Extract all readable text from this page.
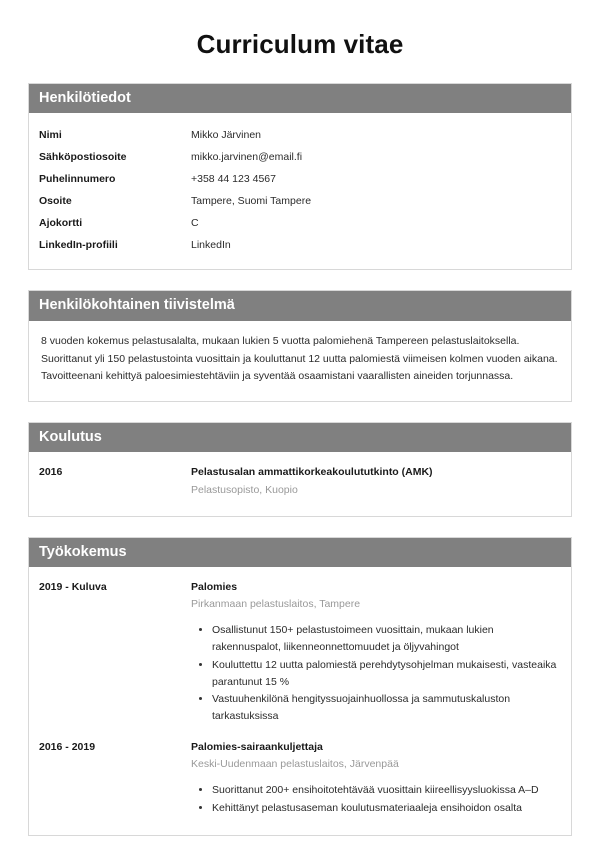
Curriculum vitae
Henkilötiedot
Nimi	Mikko Järvinen
Sähköpostiosoite	mikko.jarvinen@email.fi
Puhelinnumero	+358 44 123 4567
Osoite	Tampere, Suomi Tampere
Ajokortti	C
LinkedIn-profiili	LinkedIn
Henkilökohtainen tiivistelmä

8 vuoden kokemus pelastusalalta, mukaan lukien 5 vuotta palomiehenä Tampereen pelastuslaitoksella. Suorittanut yli 150 pelastustointa vuosittain ja kouluttanut 12 uutta palomiestä viimeisen kolmen vuoden aikana. Tavoitteenani kehittyä paloesimiestehtäviin ja syventää osaamistani vaarallisten aineiden torjunnassa.

Koulutus
2016	Pelastusalan ammattikorkeakoulututkinto (AMK)
Pelastusopisto, Kuopio
Työkokemus
2019 - Kuluva	Palomies
Pirkanmaan pelastuslaitos, Tampere
• Osallistunut 150+ pelastustoimeen vuosittain, mukaan lukien rakennuspalot, liikenneonnettomuudet ja öljyvahingot
• Kouluttettu 12 uutta palomiestä perehdytysohjelman mukaisesti, vasteaika parantunut 15 %
• Vastuuhenkilönä hengityssuojainhuollossa ja sammutuskaluston tarkastuksissa
2016 - 2019	Palomies-sairaankuljettaja
Keski-Uudenmaan pelastuslaitos, Järvenpää
• Suorittanut 200+ ensihoitotehtävää vuosittain kiireellisyysluokissa A–D
• Kehittänyt pelastusaseman koulutusmateriaaleja ensihoidon osalta
